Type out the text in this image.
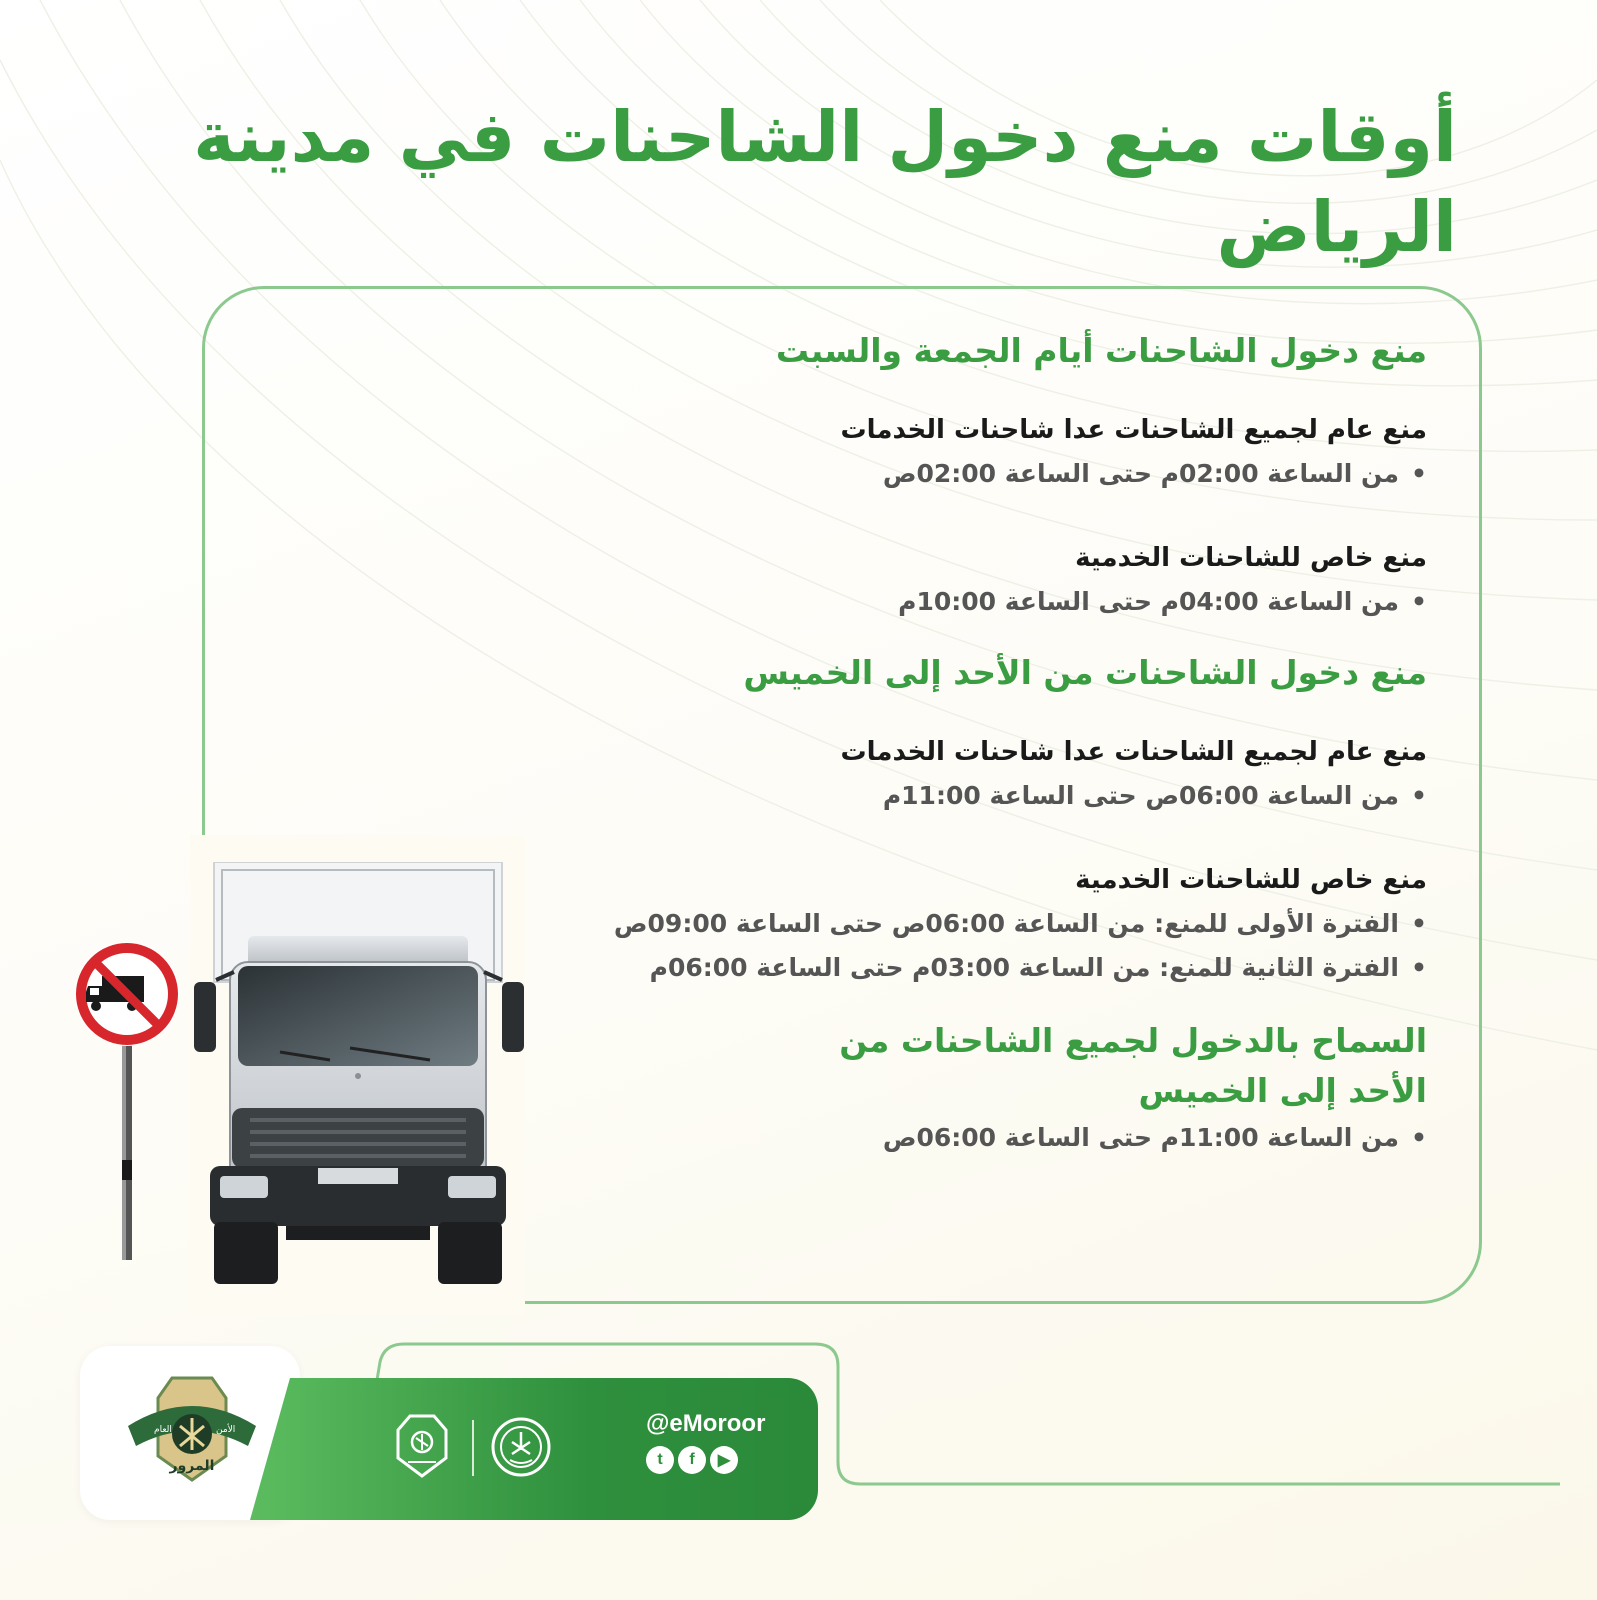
أوقات منع دخول الشاحنات في مدينة الرياض
منع دخول الشاحنات أيام الجمعة والسبت
منع عام لجميع الشاحنات عدا شاحنات الخدمات
• من الساعة 02:00م حتى الساعة 02:00ص
منع خاص للشاحنات الخدمية
• من الساعة 04:00م حتى الساعة 10:00م
منع دخول الشاحنات من الأحد إلى الخميس
منع عام لجميع الشاحنات عدا شاحنات الخدمات
• من الساعة 06:00ص حتى الساعة 11:00م
منع خاص للشاحنات الخدمية
• الفترة الأولى للمنع: من الساعة 06:00ص حتى الساعة 09:00ص
• الفترة الثانية للمنع: من الساعة 03:00م حتى الساعة 06:00م
السماح بالدخول لجميع الشاحنات من
الأحد إلى الخميس
• من الساعة 11:00م حتى الساعة 06:00ص
العام	الأمن
المرور
@eMoroor
t	f	▶
